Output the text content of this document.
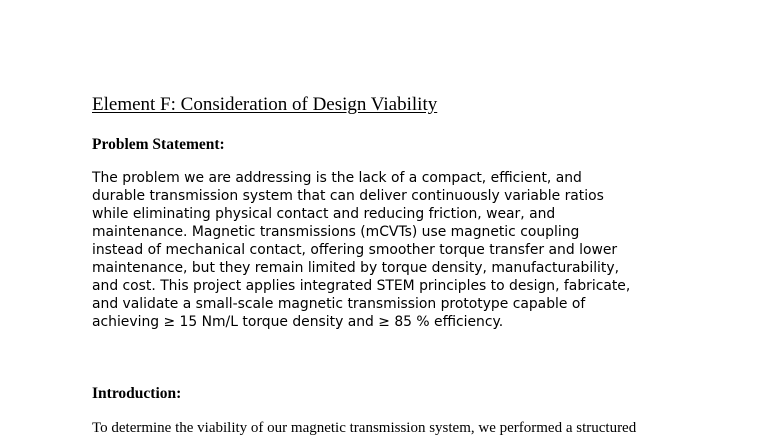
Element F: Consideration of Design Viability
Problem Statement:
The problem we are addressing is the lack of a compact, efficient, and
durable transmission system that can deliver continuously variable ratios
while eliminating physical contact and reducing friction, wear, and
maintenance. Magnetic transmissions (mCVTs) use magnetic coupling
instead of mechanical contact, offering smoother torque transfer and lower
maintenance, but they remain limited by torque density, manufacturability,
and cost. This project applies integrated STEM principles to design, fabricate,
and validate a small-scale magnetic transmission prototype capable of
achieving ≥ 15 Nm/L torque density and ≥ 85 % efficiency.
Introduction:
To determine the viability of our magnetic transmission system, we performed a structured
